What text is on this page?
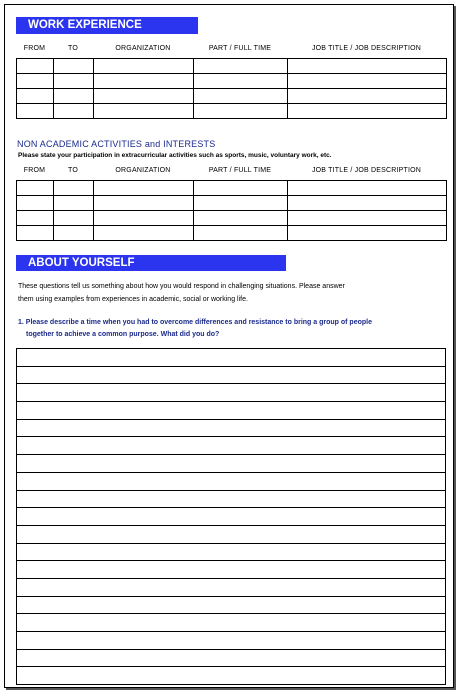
WORK EXPERIENCE
FROM	TO	ORGANIZATION	PART / FULL TIME	JOB TITLE / JOB DESCRIPTION

NON ACADEMIC ACTIVITIES and INTERESTS
Please state your participation in extracurricular activities such as sports, music, voluntary work, etc.
FROM	TO	ORGANIZATION	PART / FULL TIME	JOB TITLE / JOB DESCRIPTION

ABOUT YOURSELF
These questions tell us something about how you would respond in challenging situations. Please answer
them using examples from experiences in academic, social or working life.
1. Please describe a time when you had to overcome differences and resistance to bring a group of people
together to achieve a common purpose. What did you do?
